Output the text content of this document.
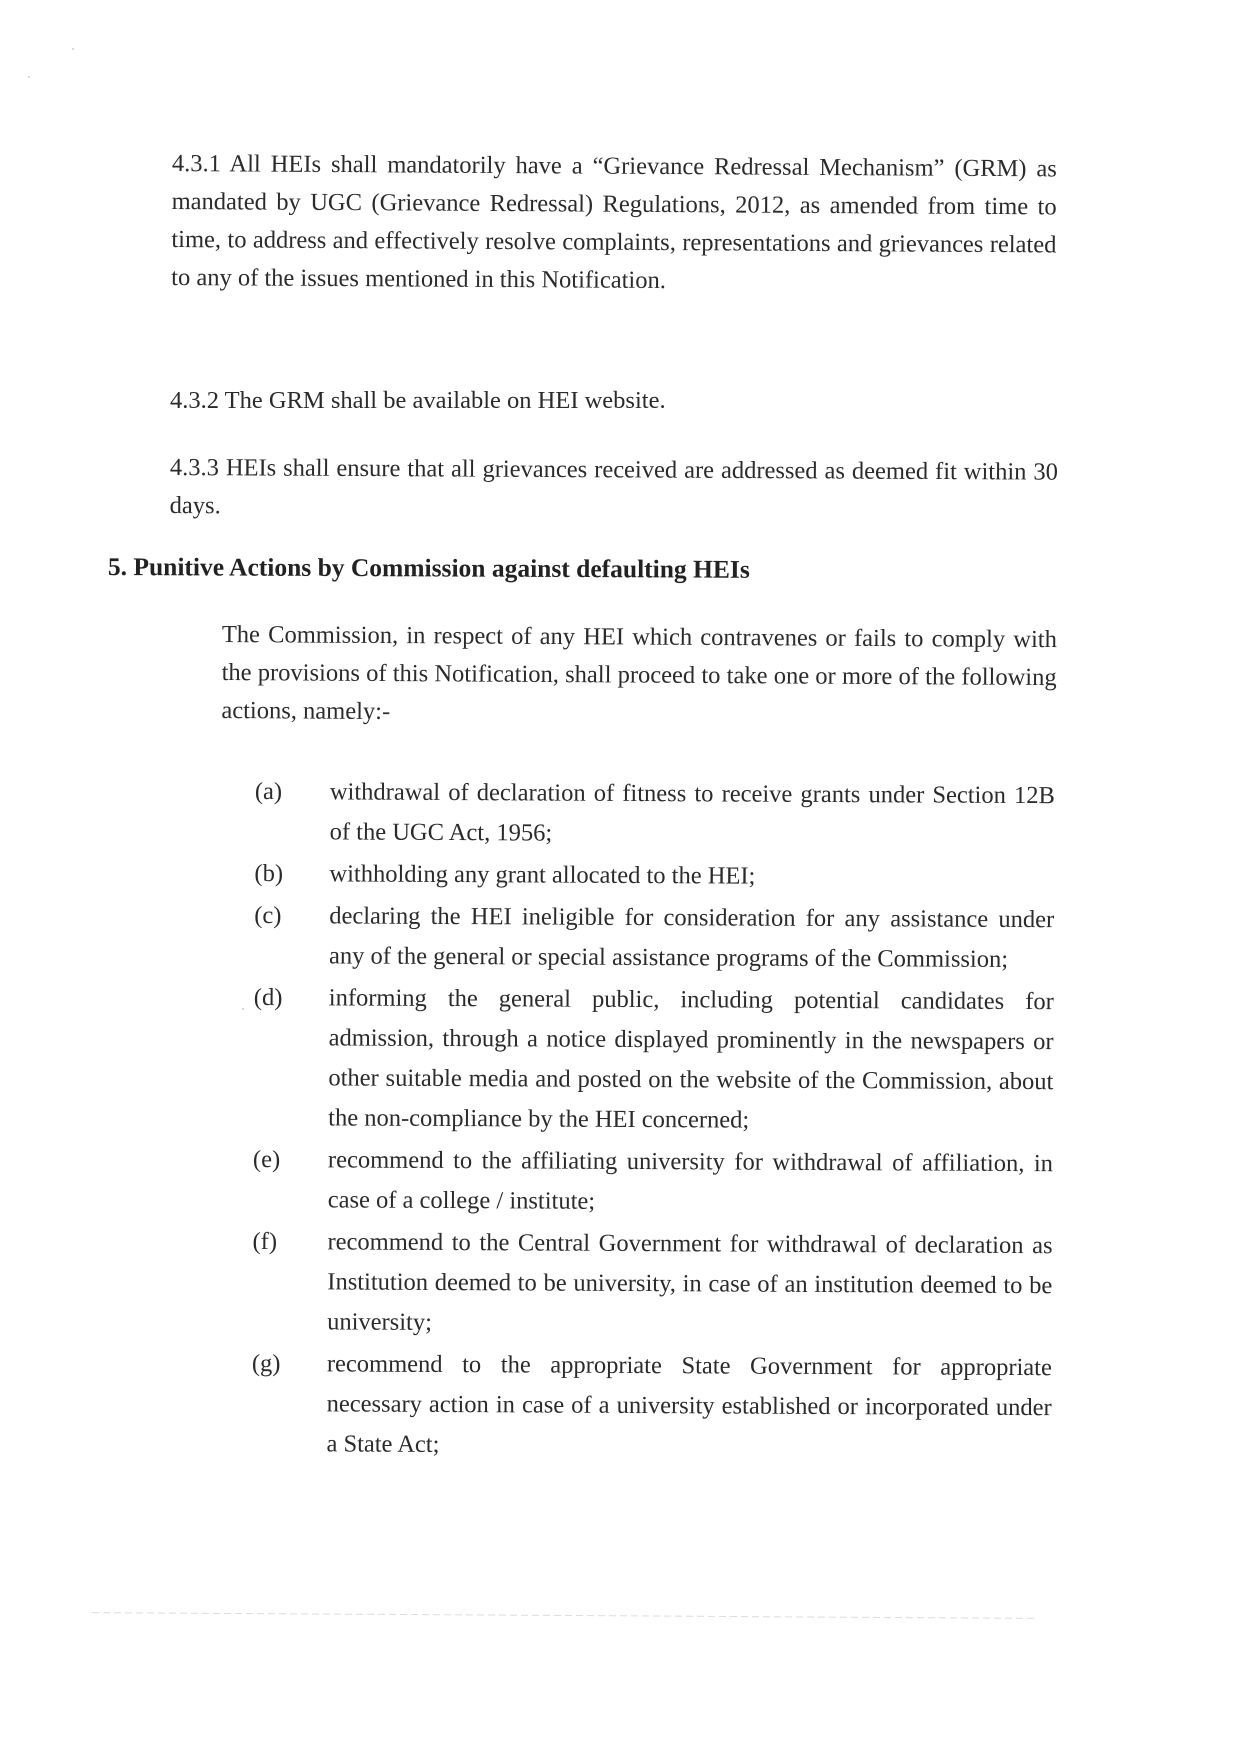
4.3.1 All HEIs shall mandatorily have a “Grievance Redressal Mechanism” (GRM) as mandated by UGC (Grievance Redressal) Regulations, 2012, as amended from time to time, to address and effectively resolve complaints, representations and grievances related to any of the issues mentioned in this Notification.

4.3.2 The GRM shall be available on HEI website.

4.3.3 HEIs shall ensure that all grievances received are addressed as deemed fit within 30 days.

5. Punitive Actions by Commission against defaulting HEIs

The Commission, in respect of any HEI which contravenes or fails to comply with the provisions of this Notification, shall proceed to take one or more of the following actions, namely:-

(a)	withdrawal of declaration of fitness to receive grants under Section 12B of the UGC Act, 1956;
(b)	withholding any grant allocated to the HEI;
(c)	declaring the HEI ineligible for consideration for any assistance under any of the general or special assistance programs of the Commission;
(d)	informing the general public, including potential candidates for admission, through a notice displayed prominently in the newspapers or other suitable media and posted on the website of the Commission, about the non-compliance by the HEI concerned;
(e)	recommend to the affiliating university for withdrawal of affiliation, in case of a college / institute;
(f)	recommend to the Central Government for withdrawal of declaration as Institution deemed to be university, in case of an institution deemed to be university;
(g)	recommend to the appropriate State Government for appropriate necessary action in case of a university established or incorporated under a State Act;
